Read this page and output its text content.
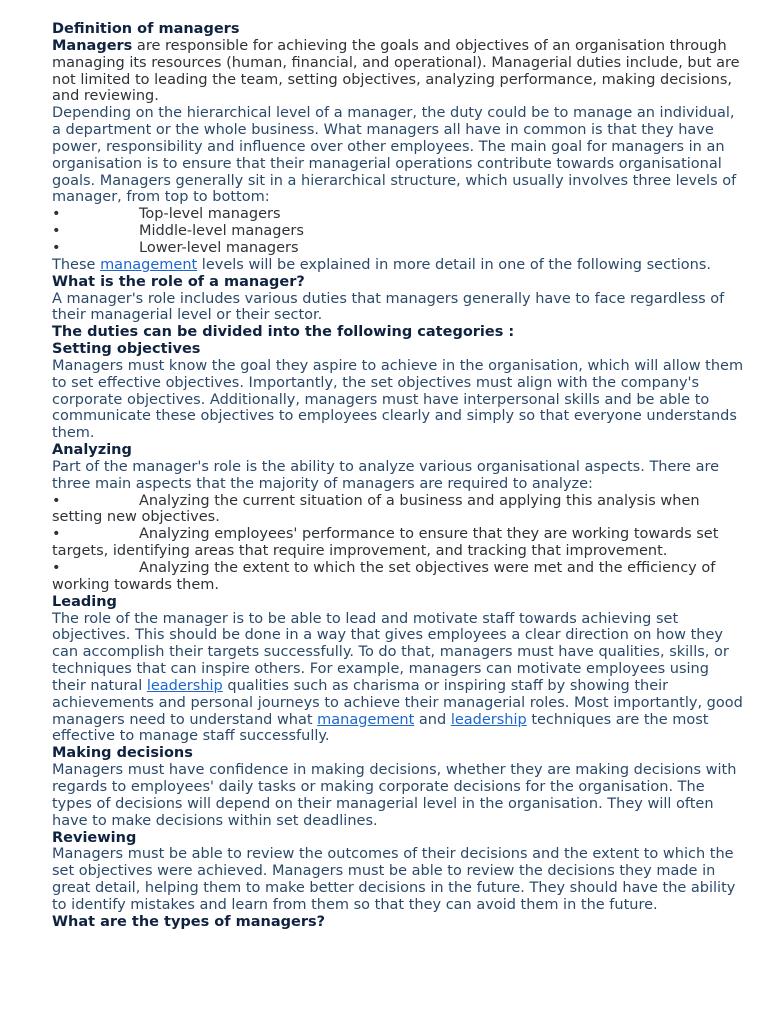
Definition of managers

Managers are responsible for achieving the goals and objectives of an organisation through managing its resources (human, financial, and operational). Managerial duties include, but are not limited to leading the team, setting objectives, analyzing performance, making decisions, and reviewing.

Depending on the hierarchical level of a manager, the duty could be to manage an individual, a department or the whole business. What managers all have in common is that they have power, responsibility and influence over other employees. The main goal for managers in an organisation is to ensure that their managerial operations contribute towards organisational goals. Managers generally sit in a hierarchical structure, which usually involves three levels of manager, from top to bottom:

•	Top-level managers

•	Middle-level managers

•	Lower-level managers

These management levels will be explained in more detail in one of the following sections.

What is the role of a manager?

A manager's role includes various duties that managers generally have to face regardless of their managerial level or their sector.

The duties can be divided into the following categories :

Setting objectives

Managers must know the goal they aspire to achieve in the organisation, which will allow them to set effective objectives. Importantly, the set objectives must align with the company's corporate objectives. Additionally, managers must have interpersonal skills and be able to communicate these objectives to employees clearly and simply so that everyone understands them.

Analyzing

Part of the manager's role is the ability to analyze various organisational aspects. There are three main aspects that the majority of managers are required to analyze:

•	Analyzing the current situation of a business and applying this analysis when setting new objectives.

•	Analyzing employees' performance to ensure that they are working towards set targets, identifying areas that require improvement, and tracking that improvement.

•	Analyzing the extent to which the set objectives were met and the efficiency of working towards them.

Leading

The role of the manager is to be able to lead and motivate staff towards achieving set objectives. This should be done in a way that gives employees a clear direction on how they can accomplish their targets successfully. To do that, managers must have qualities, skills, or techniques that can inspire others. For example, managers can motivate employees using their natural leadership qualities such as charisma or inspiring staff by showing their achievements and personal journeys to achieve their managerial roles. Most importantly, good managers need to understand what management and leadership techniques are the most effective to manage staff successfully.

Making decisions

Managers must have confidence in making decisions, whether they are making decisions with regards to employees' daily tasks or making corporate decisions for the organisation. The types of decisions will depend on their managerial level in the organisation. They will often have to make decisions within set deadlines.

Reviewing

Managers must be able to review the outcomes of their decisions and the extent to which the set objectives were achieved. Managers must be able to review the decisions they made in great detail, helping them to make better decisions in the future. They should have the ability to identify mistakes and learn from them so that they can avoid them in the future.

What are the types of managers?
